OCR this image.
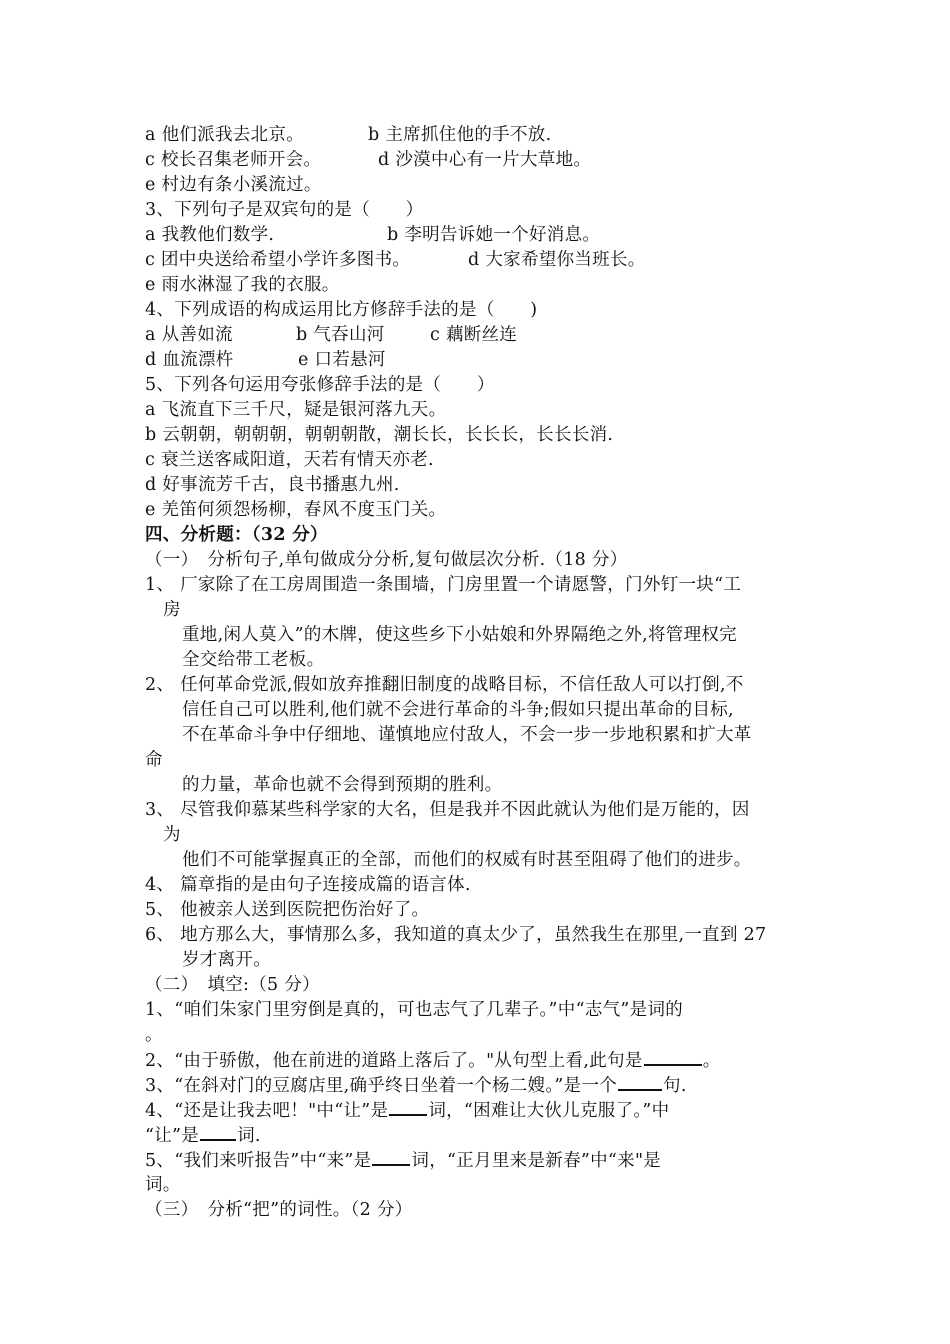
a 他们派我去北京。	b 主席抓住他的手不放.
c 校长召集老师开会。	d 沙漠中心有一片大草地。
e 村边有条小溪流过。
3、下列句子是双宾句的是（　　）
a 我教他们数学.	b 李明告诉她一个好消息。
c 团中央送给希望小学许多图书。	d 大家希望你当班长。
e 雨水淋湿了我的衣服。
4、下列成语的构成运用比方修辞手法的是（　　)
a 从善如流	b 气吞山河	c 藕断丝连
d 血流漂杵	e 口若悬河
5、下列各句运用夸张修辞手法的是（　　）
a 飞流直下三千尺，疑是银河落九天。
b 云朝朝，朝朝朝，朝朝朝散，潮长长，长长长，长长长消.
c 衰兰送客咸阳道，天若有情天亦老.
d 好事流芳千古，良书播惠九州.
e 羌笛何须怨杨柳，春风不度玉门关。
四、分析题：（32 分）
（一）　分析句子,单句做成分分析,复句做层次分析.（18 分）
1、 厂家除了在工房周围造一条围墙，门房里置一个请愿警，门外钉一块“工
房
重地,闲人莫入”的木牌，使这些乡下小姑娘和外界隔绝之外,将管理权完
全交给带工老板。
2、 任何革命党派,假如放弃推翻旧制度的战略目标，不信任敌人可以打倒,不
信任自己可以胜利,他们就不会进行革命的斗争;假如只提出革命的目标,
不在革命斗争中仔细地、谨慎地应付敌人，不会一步一步地积累和扩大革
命
的力量，革命也就不会得到预期的胜利。
3、 尽管我仰慕某些科学家的大名，但是我并不因此就认为他们是万能的，因
为
他们不可能掌握真正的全部，而他们的权威有时甚至阻碍了他们的进步。
4、 篇章指的是由句子连接成篇的语言体.
5、 他被亲人送到医院把伤治好了。
6、 地方那么大，事情那么多，我知道的真太少了，虽然我生在那里,一直到 27
岁才离开。
（二）　填空:（5 分）
1、“咱们朱家门里穷倒是真的，可也志气了几辈子。”中“志气”是词的
。
2、“由于骄傲，他在前进的道路上落后了。"从句型上看,此句是	。
3、“在斜对门的豆腐店里,确乎终日坐着一个杨二嫂。”是一个	句.
4、“还是让我去吧！"中“让”是 词，“困难让大伙儿克服了。”中
“让”是 词.
5、“我们来听报告”中“来”是 词，“正月里来是新春”中“来"是
词。
（三）　分析“把”的词性。（2 分）
